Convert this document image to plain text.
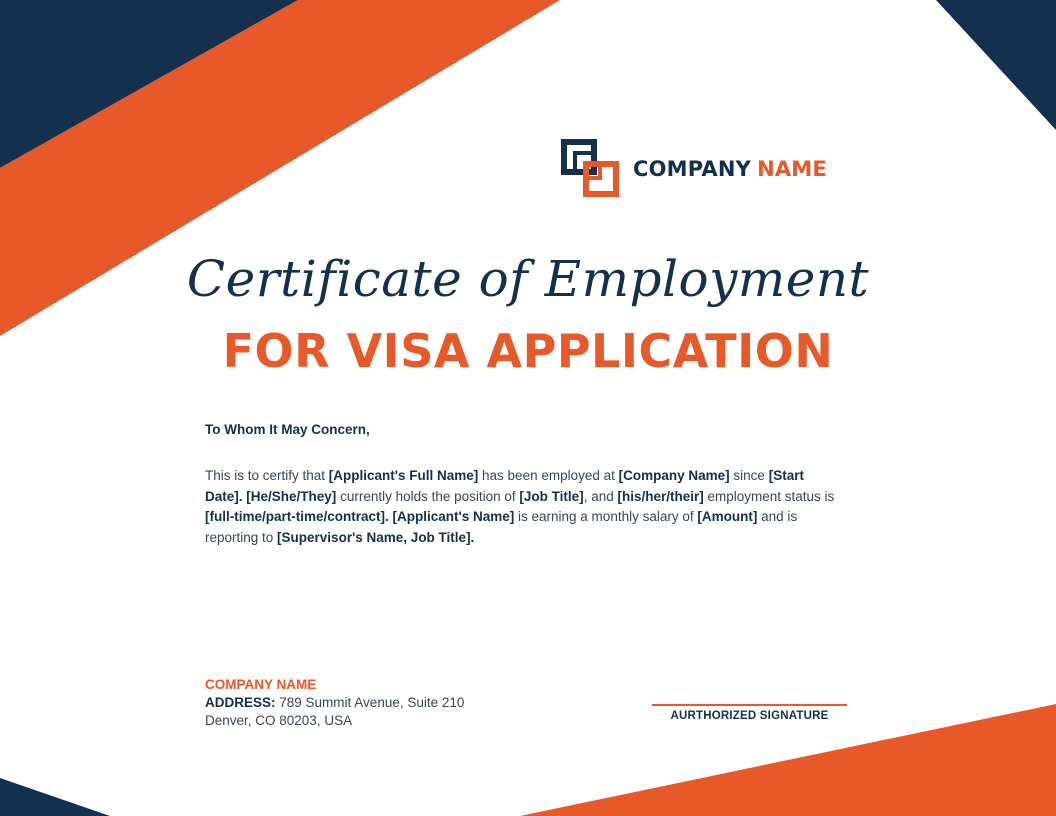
COMPANY NAME
Certificate of Employment
FOR VISA APPLICATION
To Whom It May Concern,
This is to certify that [Applicant's Full Name] has been employed at [Company Name] since [Start Date]. [He/She/They] currently holds the position of [Job Title], and [his/her/their] employment status is [full-time/part-time/contract]. [Applicant's Name] is earning a monthly salary of [Amount] and is reporting to [Supervisor's Name, Job Title].
COMPANY NAME
ADDRESS: 789 Summit Avenue, Suite 210
Denver, CO 80203, USA	AURTHORIZED SIGNATURE
